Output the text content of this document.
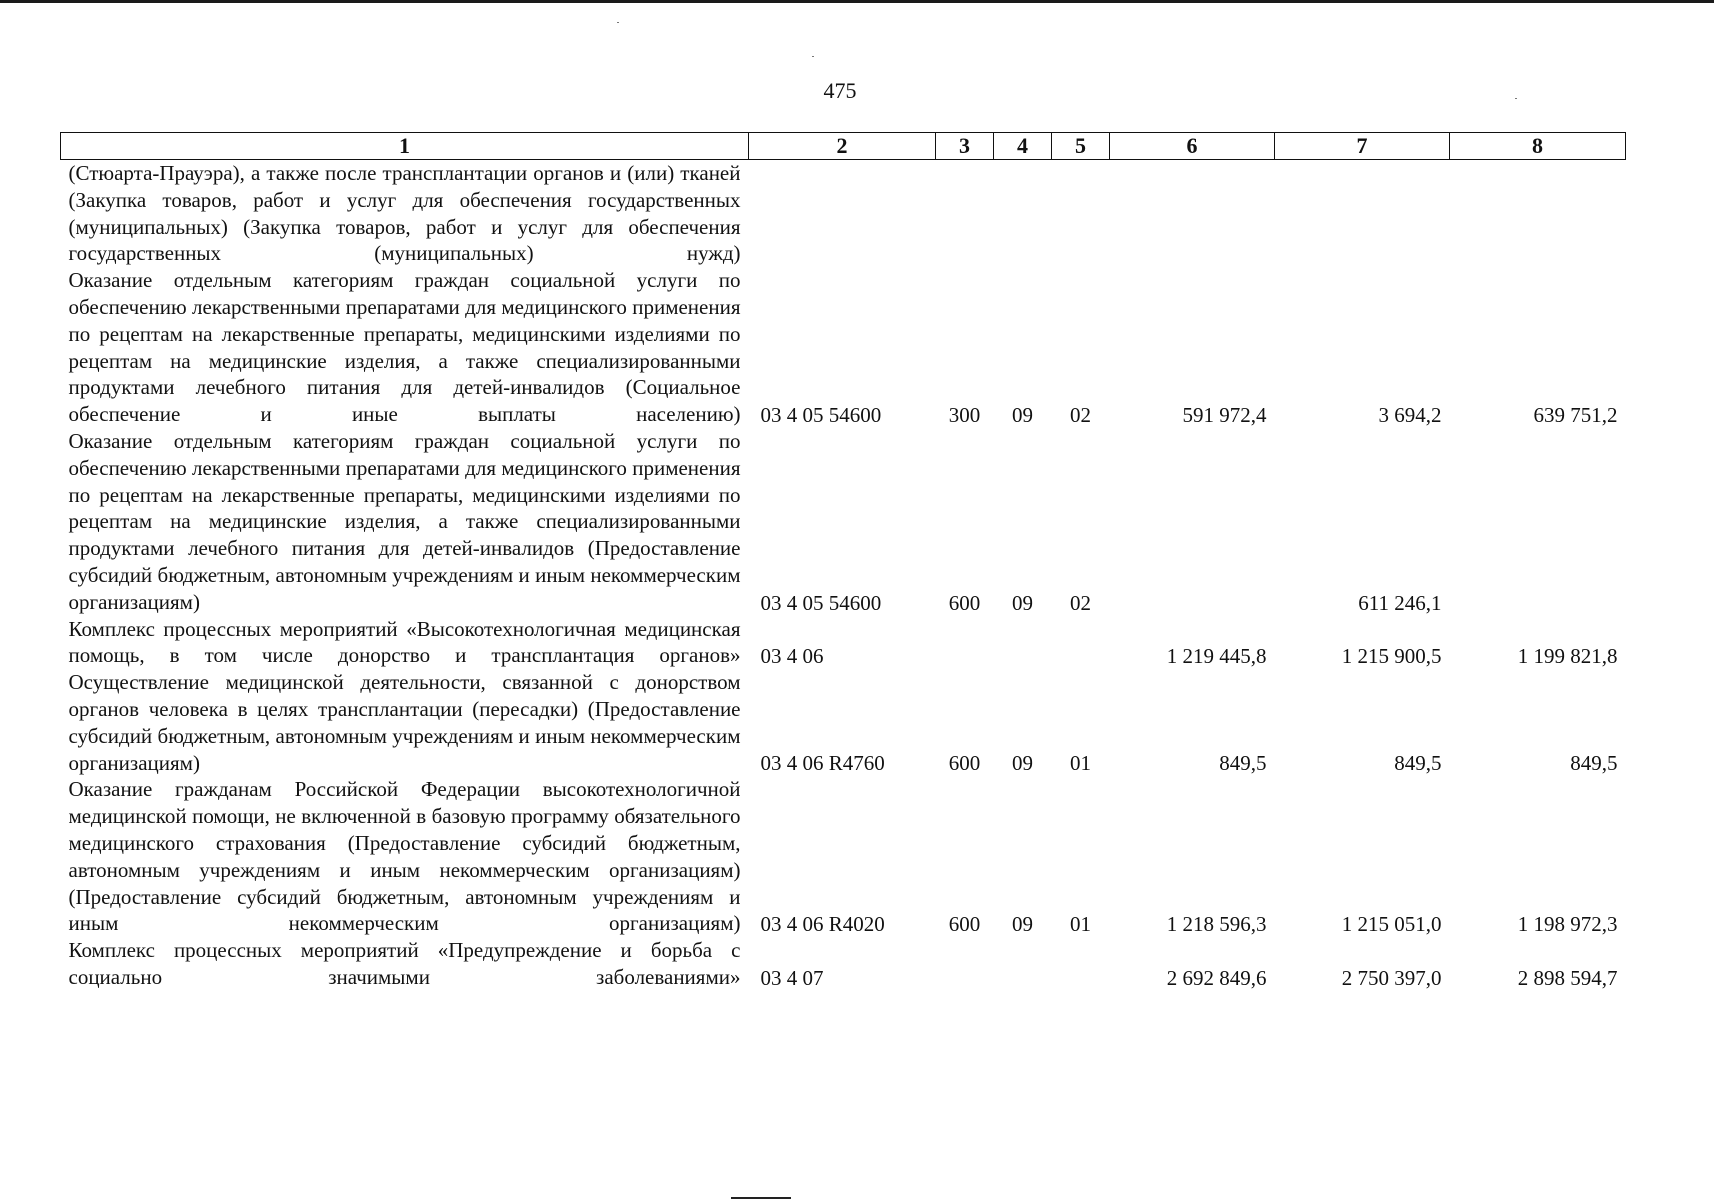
475
1	2	3	4	5	6	7	8
(Стюарта-Прауэра), а также после трансплантации органов и (или) тканей (Закупка товаров, работ и услуг для обеспечения государственных (муниципальных) (Закупка товаров, работ и услуг для обеспечения государственных (муниципальных) нужд)							
Оказание отдельным категориям граждан социальной услуги по обеспечению лекарственными препаратами для медицинского применения по рецептам на лекарственные препараты, медицинскими изделиями по рецептам на медицинские изделия, а также специализированными продуктами лечебного питания для детей-инвалидов (Социальное обеспечение и иные выплаты населению)	03 4 05 54600	300	09	02	591 972,4	3 694,2	639 751,2
Оказание отдельным категориям граждан социальной услуги по обеспечению лекарственными препаратами для медицинского применения по рецептам на лекарственные препараты, медицинскими изделиями по рецептам на медицинские изделия, а также специализированными продуктами лечебного питания для детей-инвалидов (Предоставление субсидий бюджетным, автономным учреждениям и иным некоммерческим организациям)	03 4 05 54600	600	09	02		611 246,1	
Комплекс процессных мероприятий «Высокотехнологичная медицинская помощь, в том числе донорство и трансплантация органов»	03 4 06				1 219 445,8	1 215 900,5	1 199 821,8
Осуществление медицинской деятельности, связанной с донорством органов человека в целях трансплантации (пересадки) (Предоставление субсидий бюджетным, автономным учреждениям и иным некоммерческим организациям)	03 4 06 R4760	600	09	01	849,5	849,5	849,5
Оказание гражданам Российской Федерации высокотехнологичной медицинской помощи, не включенной в базовую программу обязательного медицинского страхования (Предоставление субсидий бюджетным, автономным учреждениям и иным некоммерческим организациям) (Предоставление субсидий бюджетным, автономным учреждениям и иным некоммерческим организациям)	03 4 06 R4020	600	09	01	1 218 596,3	1 215 051,0	1 198 972,3
Комплекс процессных мероприятий «Предупреждение и борьба с социально значимыми заболеваниями»	03 4 07				2 692 849,6	2 750 397,0	2 898 594,7
